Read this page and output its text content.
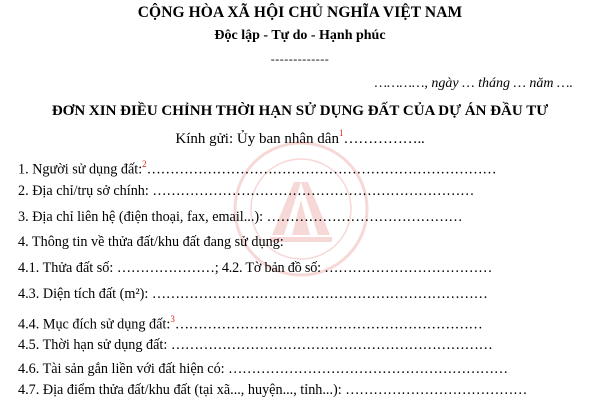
CỘNG HÒA XÃ HỘI CHỦ NGHĨA VIỆT NAM
Độc lập - Tự do - Hạnh phúc
-------------
…………, ngày … tháng … năm ….
ĐƠN XIN ĐIỀU CHỈNH THỜI HẠN SỬ DỤNG ĐẤT CỦA DỰ ÁN ĐẦU TƯ
Kính gửi: Ủy ban nhân dân$^1$……………..
1. Người sử dụng đất:$^2$…………………………………………………………………
2. Địa chỉ/trụ sở chính: ……………………………………………………………
3. Địa chỉ liên hệ (điện thoại, fax, email...): ……………………………………
4. Thông tin về thửa đất/khu đất đang sử dụng:
4.1. Thửa đất số: …………………; 4.2. Tờ bản đồ số: ………………………………
4.3. Diện tích đất (m²): ………………………………………………………………
4.4. Mục đích sử dụng đất:$^3$…………………………………………………………
4.5. Thời hạn sử dụng đất: ……………………………………………………………
4.6. Tài sản gắn liền với đất hiện có: ……………………………………………………
4.7. Địa điểm thửa đất/khu đất (tại xã..., huyện..., tỉnh...): …………………………………
